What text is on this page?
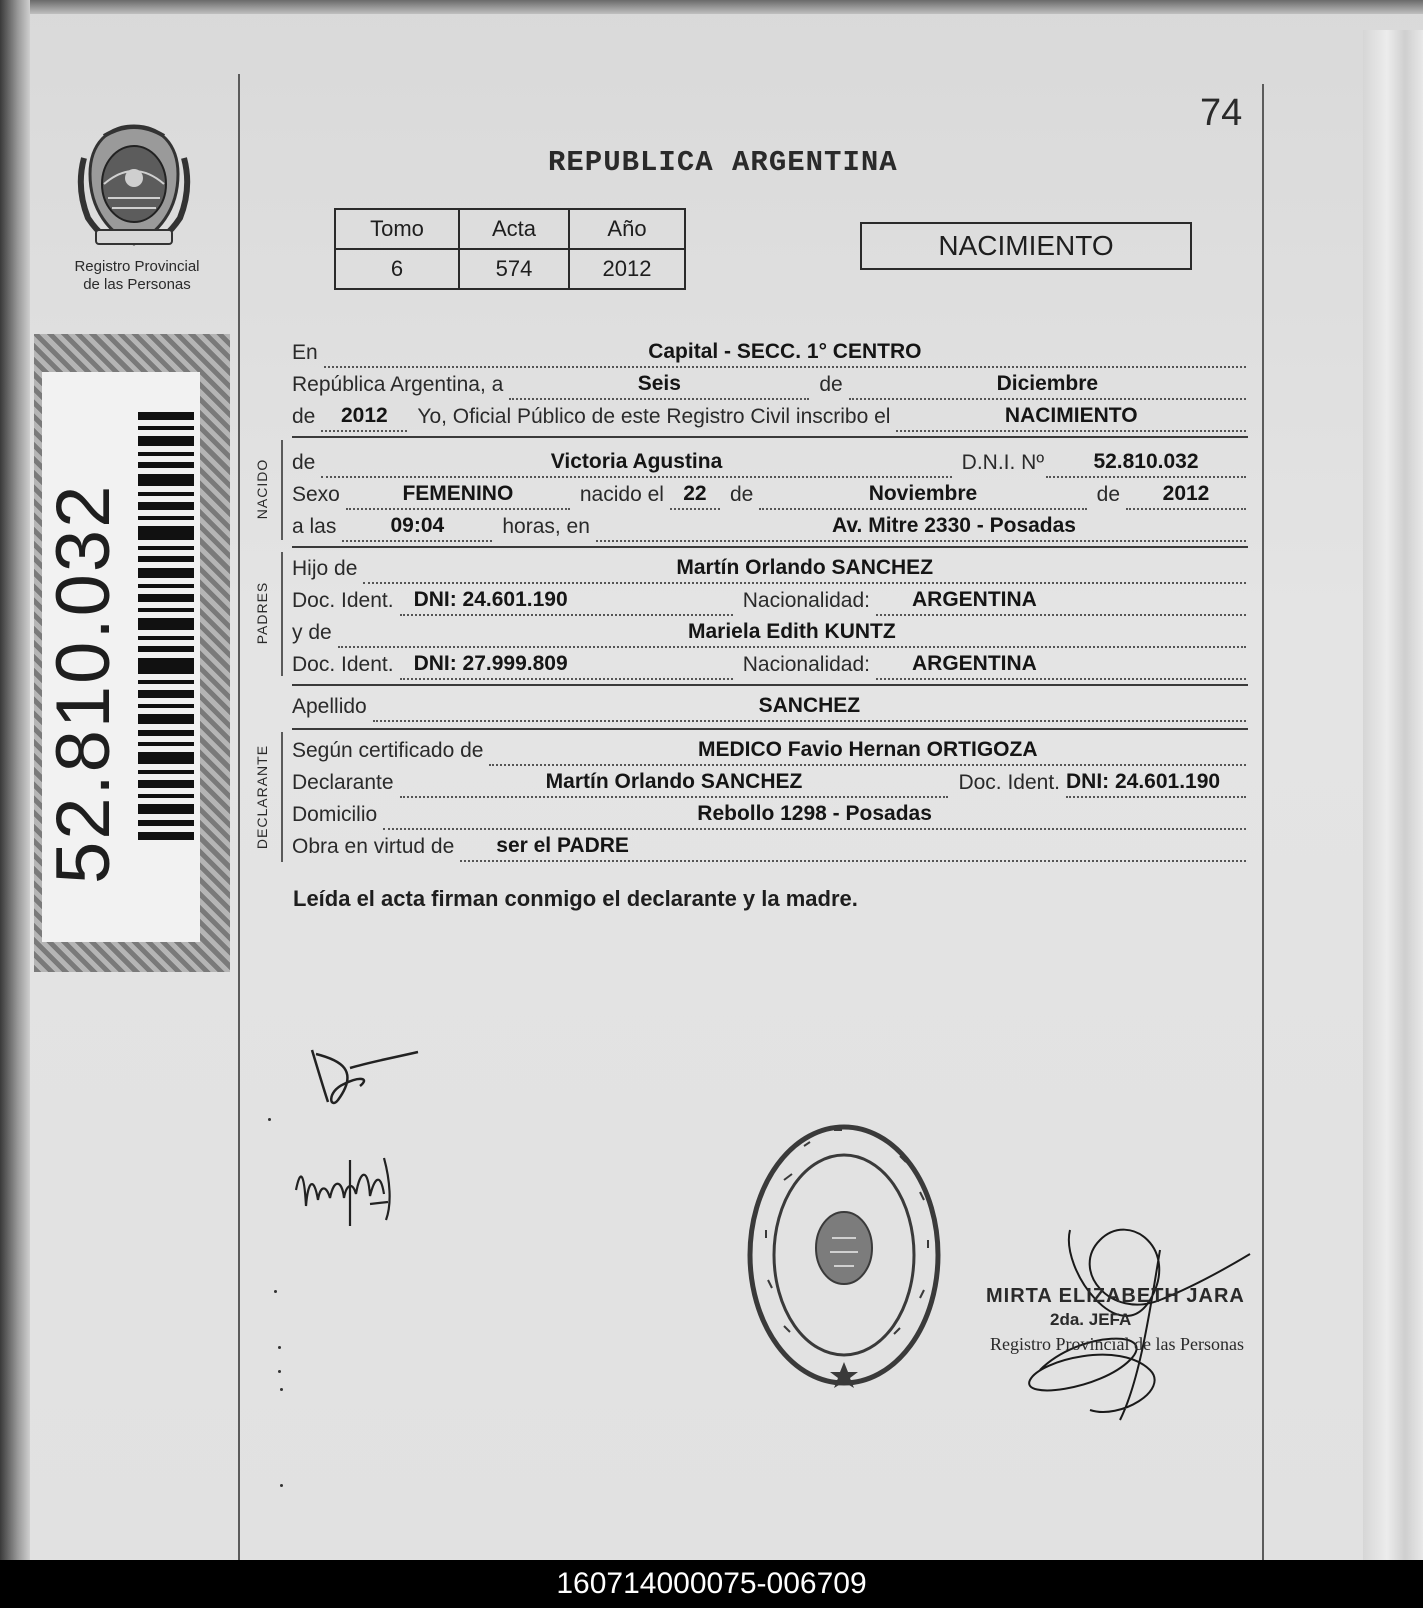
Registro Provincial
de las Personas
52.810.032
74
REPUBLICA ARGENTINA
Tomo	Acta	Año
6	574	2012
NACIMIENTO
En	Capital - SECC. 1° CENTRO
República Argentina, a	Seis	de	Diciembre
de	2012	Yo, Oficial Público de este Registro Civil inscribo el	NACIMIENTO
NACIDO de	Victoria Agustina	D.N.I. Nº	52.810.032
Sexo	FEMENINO	nacido el 22	de	Noviembre	de	2012
a las	09:04	horas, en	Av. Mitre 2330 - Posadas
PADRES
Hijo de	Martín Orlando SANCHEZ
Doc. Ident. DNI: 24.601.190	Nacionalidad:	ARGENTINA
y de	Mariela Edith KUNTZ
Doc. Ident. DNI: 27.999.809	Nacionalidad:	ARGENTINA
Apellido	SANCHEZ
DECLARANTE Según certificado de	MEDICO Favio Hernan ORTIGOZA
Declarante	Martín Orlando SANCHEZ	Doc. Ident. DNI: 24.601.190
Domicilio	Rebollo 1298 - Posadas
Obra en virtud de	ser el PADRE
Leída el acta firman conmigo el declarante y la madre.
MIRTA ELIZABETH JARA
2da. JEFA
Registro Provincial de las Personas
160714000075-006709
